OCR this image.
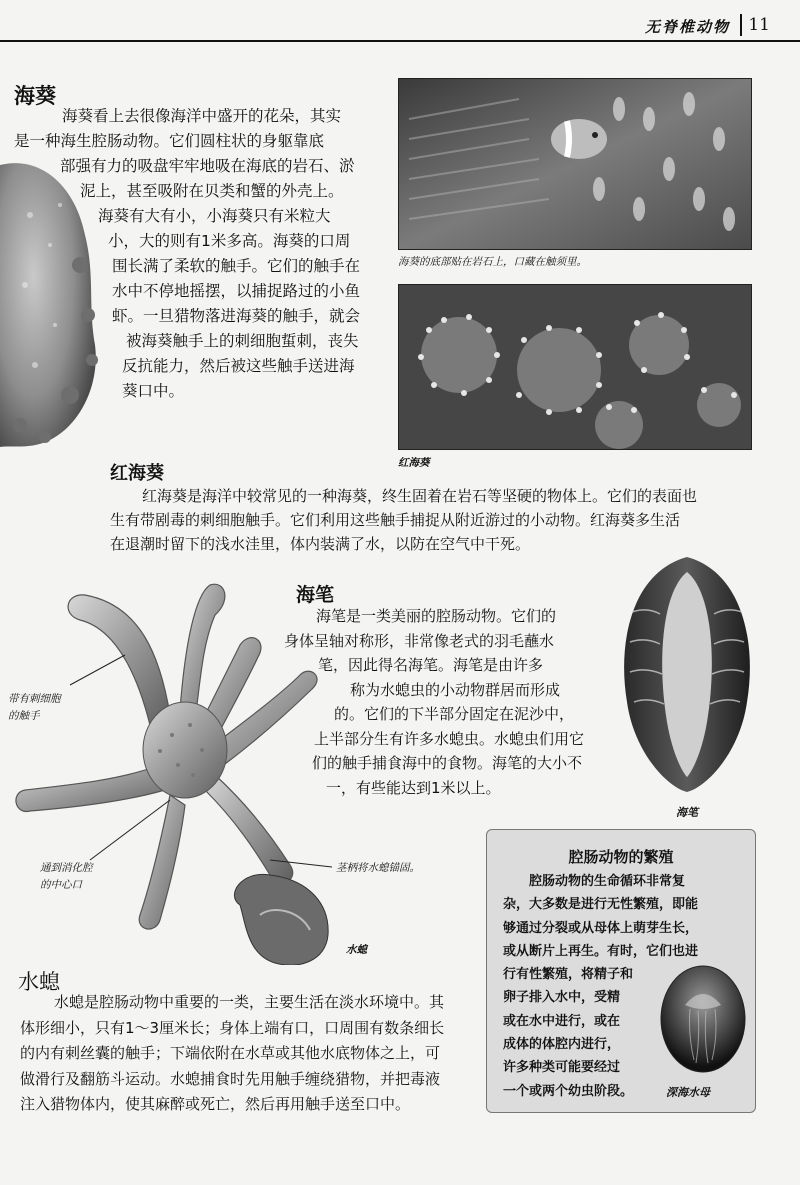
无脊椎动物 11
海葵

海葵看上去很像海洋中盛开的花朵，其实
是一种海生腔肠动物。它们圆柱状的身躯靠底
部强有力的吸盘牢牢地吸在海底的岩石、淤
泥上，甚至吸附在贝类和蟹的外壳上。
海葵有大有小，小海葵只有米粒大
小，大的则有1米多高。海葵的口周
围长满了柔软的触手。它们的触手在
水中不停地摇摆，以捕捉路过的小鱼
虾。一旦猎物落进海葵的触手，就会
被海葵触手上的刺细胞蜇刺，丧失
反抗能力，然后被这些触手送进海
葵口中。

海葵的底部贴在岩石上，口藏在触须里。
红海葵
红海葵

红海葵是海洋中较常见的一种海葵，终生固着在岩石等坚硬的物体上。它们的表面也
生有带剧毒的刺细胞触手。它们利用这些触手捕捉从附近游过的小动物。红海葵多生活
在退潮时留下的浅水洼里，体内装满了水，以防在空气中干死。

带有刺细胞
的触手
通到消化腔
的中心口
茎柄将水螅锚固。
水螅
海笔

海笔是一类美丽的腔肠动物。它们的
身体呈轴对称形，非常像老式的羽毛蘸水
笔，因此得名海笔。海笔是由许多
称为水螅虫的小动物群居而形成
的。它们的下半部分固定在泥沙中，
上半部分生有许多水螅虫。水螅虫们用它
们的触手捕食海中的食物。海笔的大小不
一，有些能达到1米以上。

海笔
水螅

水螅是腔肠动物中重要的一类，主要生活在淡水环境中。其
体形细小，只有1～3厘米长；身体上端有口，口周围有数条细长
的内有刺丝囊的触手；下端依附在水草或其他水底物体之上，可
做滑行及翻筋斗运动。水螅捕食时先用触手缠绕猎物，并把毒液
注入猎物体内，使其麻醉或死亡，然后再用触手送至口中。

腔肠动物的繁殖

腔肠动物的生命循环非常复
杂，大多数是进行无性繁殖，即能
够通过分裂或从母体上萌芽生长，
或从断片上再生。有时，它们也进
行有性繁殖，将精子和
卵子排入水中，受精
或在水中进行，或在
成体的体腔内进行，
许多种类可能要经过
一个或两个幼虫阶段。	深海水母
